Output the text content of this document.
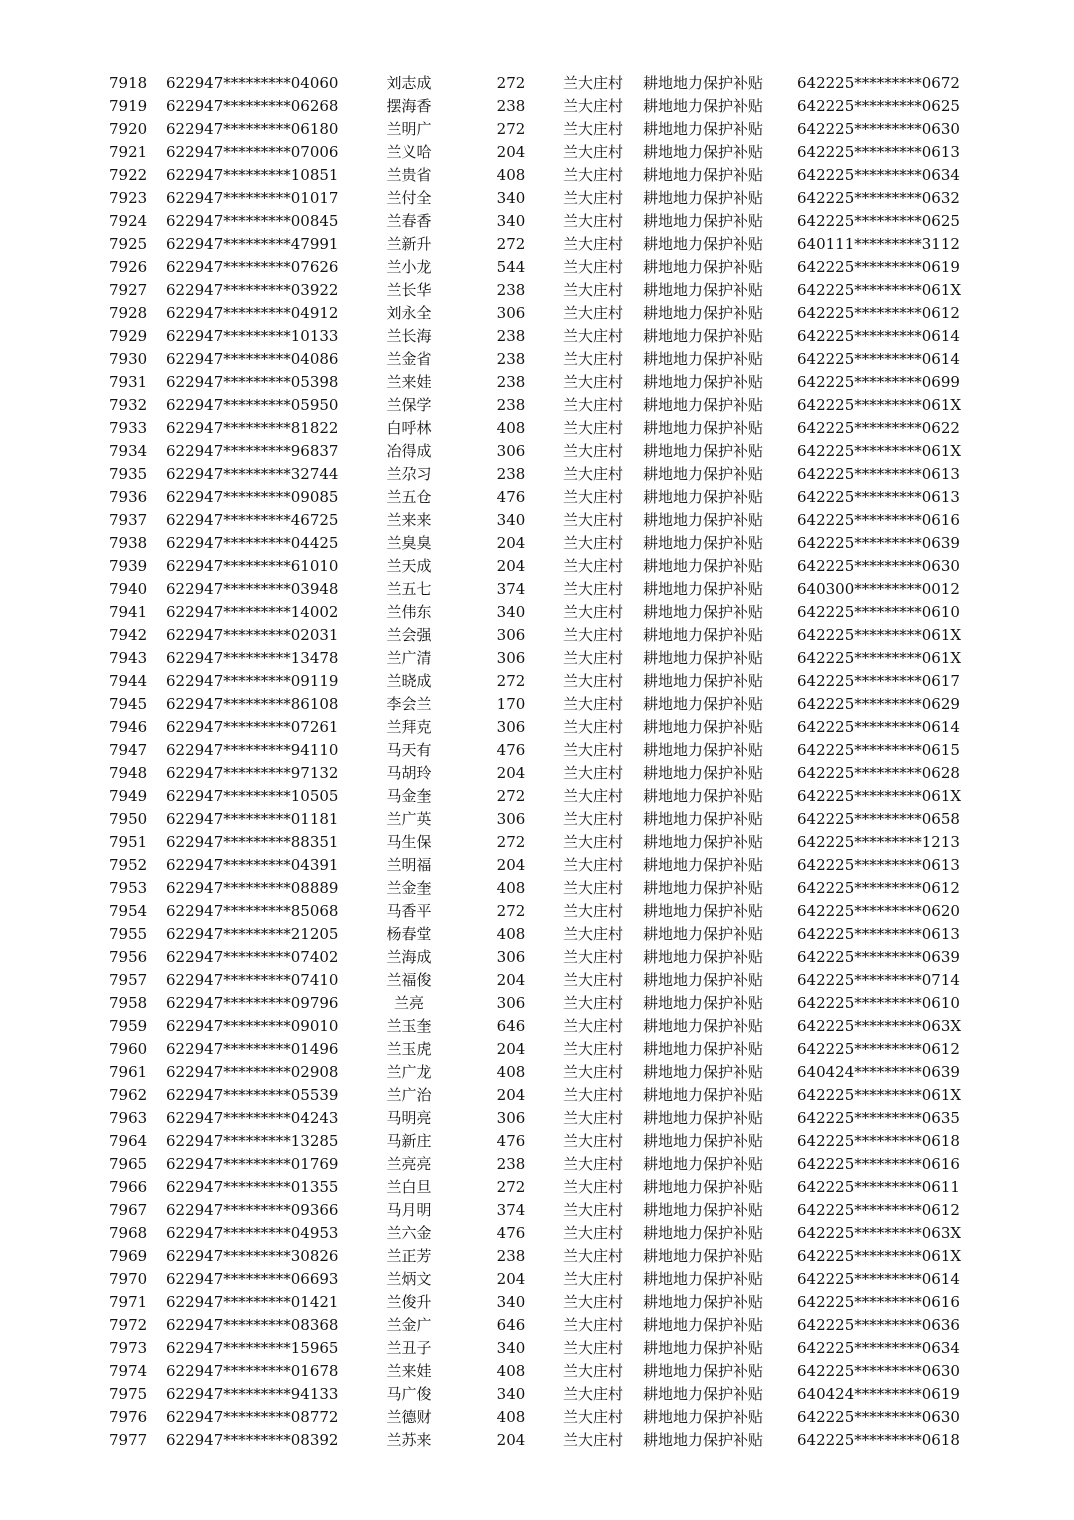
7918 622947*********04060	刘志成	272	兰大庄村 耕地地力保护补贴 642225*********0672
7919 622947*********06268	摆海香	238	兰大庄村 耕地地力保护补贴 642225*********0625
7920 622947*********06180	兰明广	272	兰大庄村 耕地地力保护补贴 642225*********0630
7921 622947*********07006	兰义哈	204	兰大庄村 耕地地力保护补贴 642225*********0613
7922 622947*********10851	兰贵省	408	兰大庄村 耕地地力保护补贴 642225*********0634
7923 622947*********01017	兰付全	340	兰大庄村 耕地地力保护补贴 642225*********0632
7924 622947*********00845	兰春香	340	兰大庄村 耕地地力保护补贴 642225*********0625
7925 622947*********47991	兰新升	272	兰大庄村 耕地地力保护补贴 640111*********3112
7926 622947*********07626	兰小龙	544	兰大庄村 耕地地力保护补贴 642225*********0619
7927 622947*********03922	兰长华	238	兰大庄村 耕地地力保护补贴 642225*********061X
7928 622947*********04912	刘永全	306	兰大庄村 耕地地力保护补贴 642225*********0612
7929 622947*********10133	兰长海	238	兰大庄村 耕地地力保护补贴 642225*********0614
7930 622947*********04086	兰金省	238	兰大庄村 耕地地力保护补贴 642225*********0614
7931 622947*********05398	兰来娃	238	兰大庄村 耕地地力保护补贴 642225*********0699
7932 622947*********05950	兰保学	238	兰大庄村 耕地地力保护补贴 642225*********061X
7933 622947*********81822	白呼林	408	兰大庄村 耕地地力保护补贴 642225*********0622
7934 622947*********96837	冶得成	306	兰大庄村 耕地地力保护补贴 642225*********061X
7935 622947*********32744	兰尕习	238	兰大庄村 耕地地力保护补贴 642225*********0613
7936 622947*********09085	兰五仓	476	兰大庄村 耕地地力保护补贴 642225*********0613
7937 622947*********46725	兰来来	340	兰大庄村 耕地地力保护补贴 642225*********0616
7938 622947*********04425	兰臭臭	204	兰大庄村 耕地地力保护补贴 642225*********0639
7939 622947*********61010	兰天成	204	兰大庄村 耕地地力保护补贴 642225*********0630
7940 622947*********03948	兰五七	374	兰大庄村 耕地地力保护补贴 640300*********0012
7941 622947*********14002	兰伟东	340	兰大庄村 耕地地力保护补贴 642225*********0610
7942 622947*********02031	兰会强	306	兰大庄村 耕地地力保护补贴 642225*********061X
7943 622947*********13478	兰广清	306	兰大庄村 耕地地力保护补贴 642225*********061X
7944 622947*********09119	兰晓成	272	兰大庄村 耕地地力保护补贴 642225*********0617
7945 622947*********86108	李会兰	170	兰大庄村 耕地地力保护补贴 642225*********0629
7946 622947*********07261	兰拜克	306	兰大庄村 耕地地力保护补贴 642225*********0614
7947 622947*********94110	马天有	476	兰大庄村 耕地地力保护补贴 642225*********0615
7948 622947*********97132	马胡玲	204	兰大庄村 耕地地力保护补贴 642225*********0628
7949 622947*********10505	马金奎	272	兰大庄村 耕地地力保护补贴 642225*********061X
7950 622947*********01181	兰广英	306	兰大庄村 耕地地力保护补贴 642225*********0658
7951 622947*********88351	马生保	272	兰大庄村 耕地地力保护补贴 642225*********1213
7952 622947*********04391	兰明福	204	兰大庄村 耕地地力保护补贴 642225*********0613
7953 622947*********08889	兰金奎	408	兰大庄村 耕地地力保护补贴 642225*********0612
7954 622947*********85068	马香平	272	兰大庄村 耕地地力保护补贴 642225*********0620
7955 622947*********21205	杨春堂	408	兰大庄村 耕地地力保护补贴 642225*********0613
7956 622947*********07402	兰海成	306	兰大庄村 耕地地力保护补贴 642225*********0639
7957 622947*********07410	兰福俊	204	兰大庄村 耕地地力保护补贴 642225*********0714
7958 622947*********09796	兰亮	306	兰大庄村 耕地地力保护补贴 642225*********0610
7959 622947*********09010	兰玉奎	646	兰大庄村 耕地地力保护补贴 642225*********063X
7960 622947*********01496	兰玉虎	204	兰大庄村 耕地地力保护补贴 642225*********0612
7961 622947*********02908	兰广龙	408	兰大庄村 耕地地力保护补贴 640424*********0639
7962 622947*********05539	兰广治	204	兰大庄村 耕地地力保护补贴 642225*********061X
7963 622947*********04243	马明亮	306	兰大庄村 耕地地力保护补贴 642225*********0635
7964 622947*********13285	马新庄	476	兰大庄村 耕地地力保护补贴 642225*********0618
7965 622947*********01769	兰亮亮	238	兰大庄村 耕地地力保护补贴 642225*********0616
7966 622947*********01355	兰白旦	272	兰大庄村 耕地地力保护补贴 642225*********0611
7967 622947*********09366	马月明	374	兰大庄村 耕地地力保护补贴 642225*********0612
7968 622947*********04953	兰六金	476	兰大庄村 耕地地力保护补贴 642225*********063X
7969 622947*********30826	兰正芳	238	兰大庄村 耕地地力保护补贴 642225*********061X
7970 622947*********06693	兰炳文	204	兰大庄村 耕地地力保护补贴 642225*********0614
7971 622947*********01421	兰俊升	340	兰大庄村 耕地地力保护补贴 642225*********0616
7972 622947*********08368	兰金广	646	兰大庄村 耕地地力保护补贴 642225*********0636
7973 622947*********15965	兰丑子	340	兰大庄村 耕地地力保护补贴 642225*********0634
7974 622947*********01678	兰来娃	408	兰大庄村 耕地地力保护补贴 642225*********0630
7975 622947*********94133	马广俊	340	兰大庄村 耕地地力保护补贴 640424*********0619
7976 622947*********08772	兰德财	408	兰大庄村 耕地地力保护补贴 642225*********0630
7977 622947*********08392	兰苏来	204	兰大庄村 耕地地力保护补贴 642225*********0618
